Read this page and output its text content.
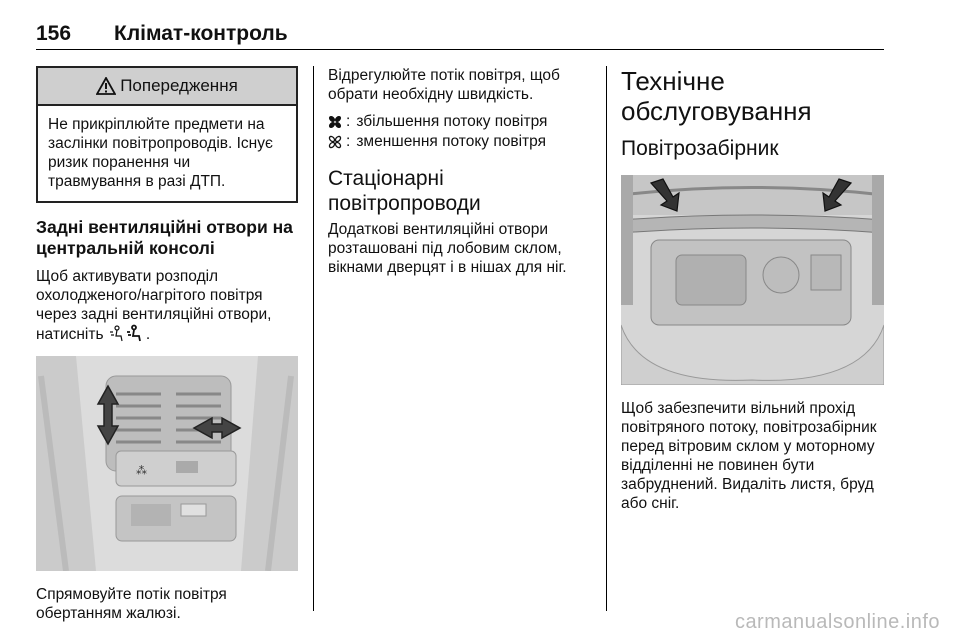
156	Клімат-контроль
Попередження
Не прикріплюйте предмети на заслінки повітропроводів. Існує ризик поранення чи травмування в разі ДТП.
Задні вентиляційні отвори на центральній консолі

Щоб активувати розподіл охолодженого/нагрітого повітря через задні вентиляційні отвори, натисніть	.

⁂

Спрямовуйте потік повітря обертанням жалюзі.

Відрегулюйте потік повітря, щоб обрати необхідну швидкість.

: збільшення потоку повітря
: зменшення потоку повітря
Стаціонарні повітропроводи

Додаткові вентиляційні отвори розташовані під лобовим склом, вікнами дверцят і в нішах для ніг.

Технічне обслуговування
Повітрозабірник

Щоб забезпечити вільний прохід повітряного потоку, повітрозабірник перед вітровим склом у моторному відділенні не повинен бути забруднений. Видаліть листя, бруд або сніг.

carmanualsonline.info
